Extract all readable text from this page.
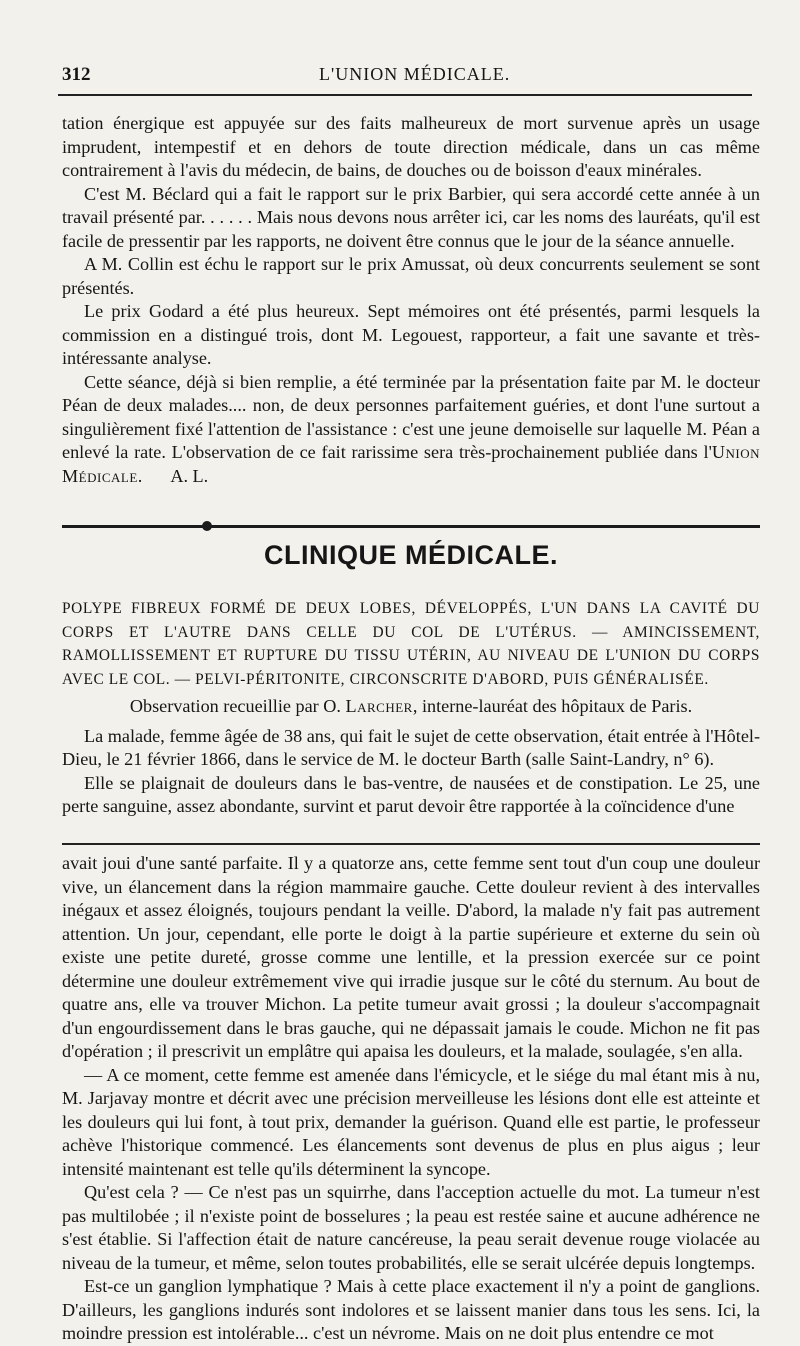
312	L'UNION MÉDICALE.

tation énergique est appuyée sur des faits malheureux de mort survenue après un usage imprudent, intempestif et en dehors de toute direction médicale, dans un cas même contrairement à l'avis du médecin, de bains, de douches ou de boisson d'eaux minérales.

C'est M. Béclard qui a fait le rapport sur le prix Barbier, qui sera accordé cette année à un travail présenté par. . . . . . Mais nous devons nous arrêter ici, car les noms des lauréats, qu'il est facile de pressentir par les rapports, ne doivent être connus que le jour de la séance annuelle.

A M. Collin est échu le rapport sur le prix Amussat, où deux concurrents seulement se sont présentés.

Le prix Godard a été plus heureux. Sept mémoires ont été présentés, parmi lesquels la commission en a distingué trois, dont M. Legouest, rapporteur, a fait une savante et très-intéressante analyse.

Cette séance, déjà si bien remplie, a été terminée par la présentation faite par M. le docteur Péan de deux malades.... non, de deux personnes parfaitement guéries, et dont l'une surtout a singulièrement fixé l'attention de l'assistance : c'est une jeune demoiselle sur laquelle M. Péan a enlevé la rate. L'observation de ce fait rarissime sera très-prochainement publiée dans l'Union Médicale. A. L.

CLINIQUE MÉDICALE.
POLYPE FIBREUX FORMÉ DE DEUX LOBES, DÉVELOPPÉS, L'UN DANS LA CAVITÉ DU CORPS ET L'AUTRE DANS CELLE DU COL DE L'UTÉRUS. — AMINCISSEMENT, RAMOLLISSEMENT ET RUPTURE DU TISSU UTÉRIN, AU NIVEAU DE L'UNION DU CORPS AVEC LE COL. — PELVI-PÉRITONITE, CIRCONSCRITE D'ABORD, PUIS GÉNÉRALISÉE.

Observation recueillie par O. Larcher, interne-lauréat des hôpitaux de Paris.

La malade, femme âgée de 38 ans, qui fait le sujet de cette observation, était entrée à l'Hôtel-Dieu, le 21 février 1866, dans le service de M. le docteur Barth (salle Saint-Landry, n° 6).

Elle se plaignait de douleurs dans le bas-ventre, de nausées et de constipation. Le 25, une perte sanguine, assez abondante, survint et parut devoir être rapportée à la coïncidence d'une

avait joui d'une santé parfaite. Il y a quatorze ans, cette femme sent tout d'un coup une douleur vive, un élancement dans la région mammaire gauche. Cette douleur revient à des intervalles inégaux et assez éloignés, toujours pendant la veille. D'abord, la malade n'y fait pas autrement attention. Un jour, cependant, elle porte le doigt à la partie supérieure et externe du sein où existe une petite dureté, grosse comme une lentille, et la pression exercée sur ce point détermine une douleur extrêmement vive qui irradie jusque sur le côté du sternum. Au bout de quatre ans, elle va trouver Michon. La petite tumeur avait grossi ; la douleur s'accompagnait d'un engourdissement dans le bras gauche, qui ne dépassait jamais le coude. Michon ne fit pas d'opération ; il prescrivit un emplâtre qui apaisa les douleurs, et la malade, soulagée, s'en alla.

— A ce moment, cette femme est amenée dans l'émicycle, et le siége du mal étant mis à nu, M. Jarjavay montre et décrit avec une précision merveilleuse les lésions dont elle est atteinte et les douleurs qui lui font, à tout prix, demander la guérison. Quand elle est partie, le professeur achève l'historique commencé. Les élancements sont devenus de plus en plus aigus ; leur intensité maintenant est telle qu'ils déterminent la syncope.

Qu'est cela ? — Ce n'est pas un squirrhe, dans l'acception actuelle du mot. La tumeur n'est pas multilobée ; il n'existe point de bosselures ; la peau est restée saine et aucune adhérence ne s'est établie. Si l'affection était de nature cancéreuse, la peau serait devenue rouge violacée au niveau de la tumeur, et même, selon toutes probabilités, elle se serait ulcérée depuis longtemps.

Est-ce un ganglion lymphatique ? Mais à cette place exactement il n'y a point de ganglions. D'ailleurs, les ganglions indurés sont indolores et se laissent manier dans tous les sens. Ici, la moindre pression est intolérable... c'est un névrome. Mais on ne doit plus entendre ce mot
